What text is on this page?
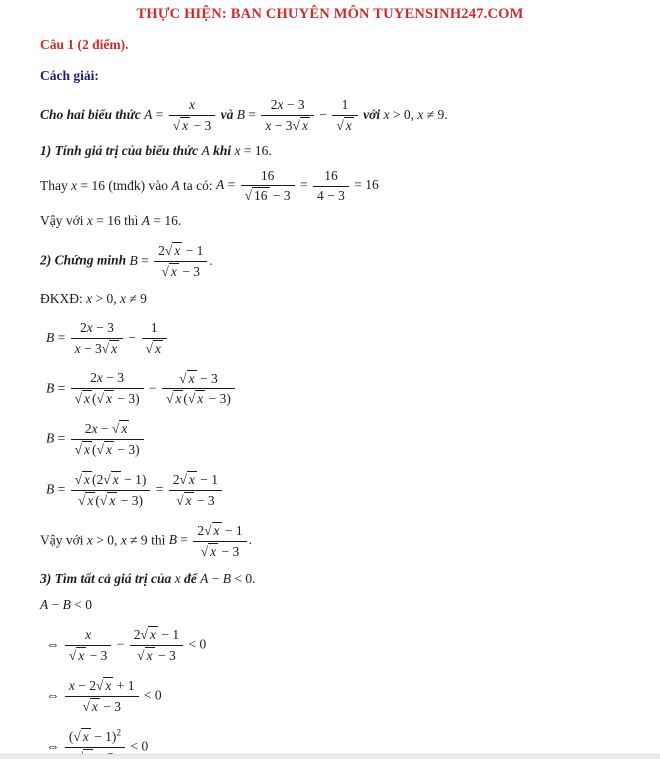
THỰC HIỆN: BAN CHUYÊN MÔN TUYENSINH247.COM

Câu 1 (2 điểm).

Cách giải:

Cho hai biểu thức $A = \frac{x}{√ x - 3}$ và $B = \frac{2x - 3}{x - 3√ x} - \frac{1}{√ x}$ với x > 0, x ≠ 9.

1) Tính giá trị của biểu thức A khi x = 16.

Thay x = 16 (tmđk) vào A ta có: $A = \frac{16}{√ 16 - 3} = \frac{16}{4 - 3} = 16$

Vậy với x = 16 thì A = 16.

2) Chứng minh $B = \frac{2√ x - 1}{√ x - 3}$ .

ĐKXĐ: x > 0, x ≠ 9

$B = \frac{2x - 3}{x - 3√ x} - \frac{1}{√ x}$

$B = \frac{2x - 3}{√ x (√ x - 3)} - \frac{√ x - 3}{√ x (√ x - 3)}$

$B = \frac{2x - √ x}{√ x (√ x - 3)}$

$B = \frac{√ x (2√ x - 1)}{√ x (√ x - 3)} = \frac{2√ x - 1}{√ x - 3}$

Vậy với x > 0, x ≠ 9 thì $B = \frac{2√ x - 1}{√ x - 3}$ .

3) Tìm tất cả giá trị của x để A − B < 0.

A − B < 0

⇔ $\frac{x}{√ x - 3} - \frac{2√ x - 1}{√ x - 3} < 0$

⇔ $\frac{x - 2√ x + 1}{√ x - 3} < 0$

⇔
(√ x − 1)$^2$
< 0
